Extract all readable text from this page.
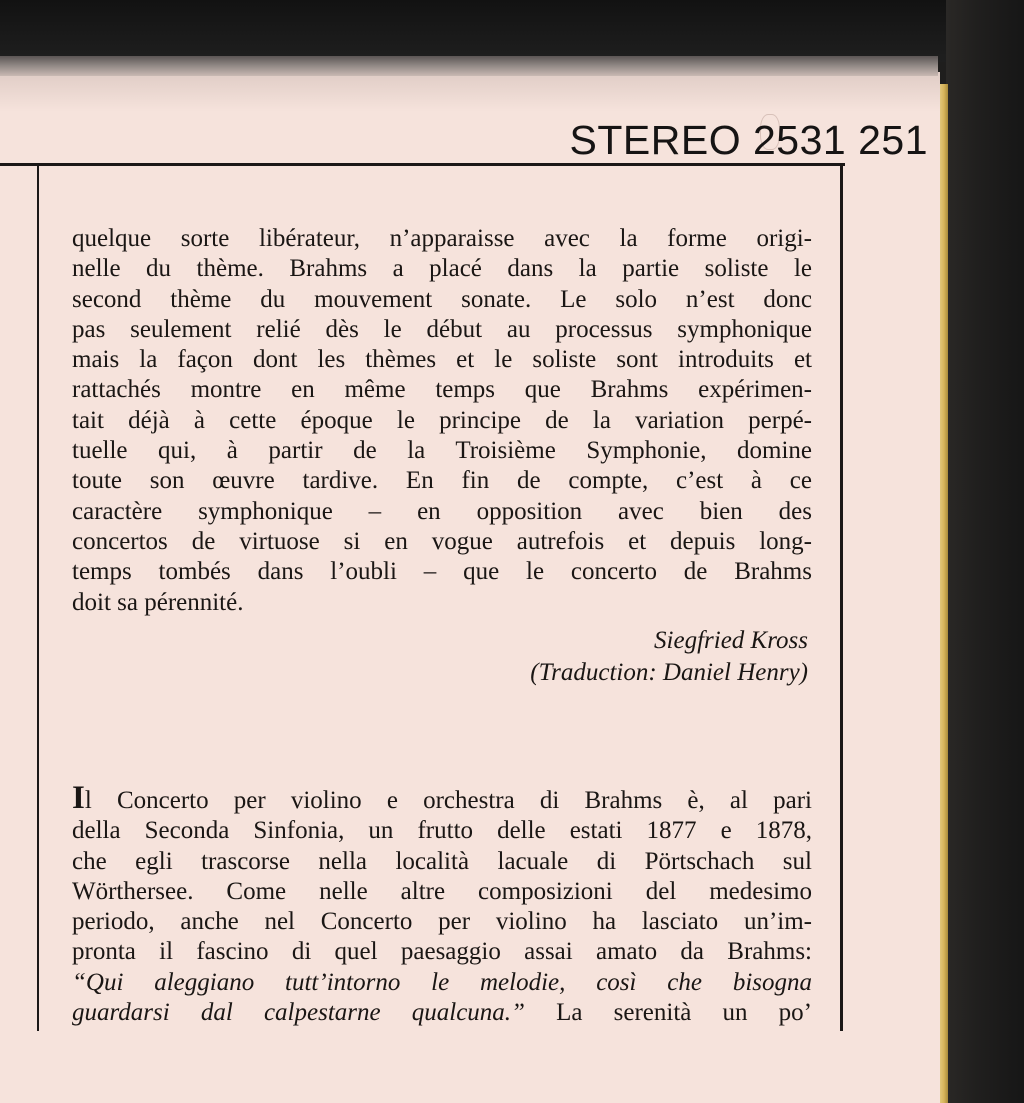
STEREO 2531 251
quelque sorte libérateur, n’apparaisse avec la forme origi-
nelle du thème. Brahms a placé dans la partie soliste le
second thème du mouvement sonate. Le solo n’est donc
pas seulement relié dès le début au processus symphonique
mais la façon dont les thèmes et le soliste sont introduits et
rattachés montre en même temps que Brahms expérimen-
tait déjà à cette époque le principe de la variation perpé-
tuelle qui, à partir de la Troisième Symphonie, domine
toute son œuvre tardive. En fin de compte, c’est à ce
caractère symphonique – en opposition avec bien des
concertos de virtuose si en vogue autrefois et depuis long-
temps tombés dans l’oubli – que le concerto de Brahms
doit sa pérennité.
Siegfried Kross
(Traduction: Daniel Henry)
Il Concerto per violino e orchestra di Brahms è, al pari
della Seconda Sinfonia, un frutto delle estati 1877 e 1878,
che egli trascorse nella località lacuale di Pörtschach sul
Wörthersee. Come nelle altre composizioni del medesimo
periodo, anche nel Concerto per violino ha lasciato un’im-
pronta il fascino di quel paesaggio assai amato da Brahms:
“Qui aleggiano tutt’intorno le melodie, così che bisogna
guardarsi dal calpestarne qualcuna.” La serenità un po’
